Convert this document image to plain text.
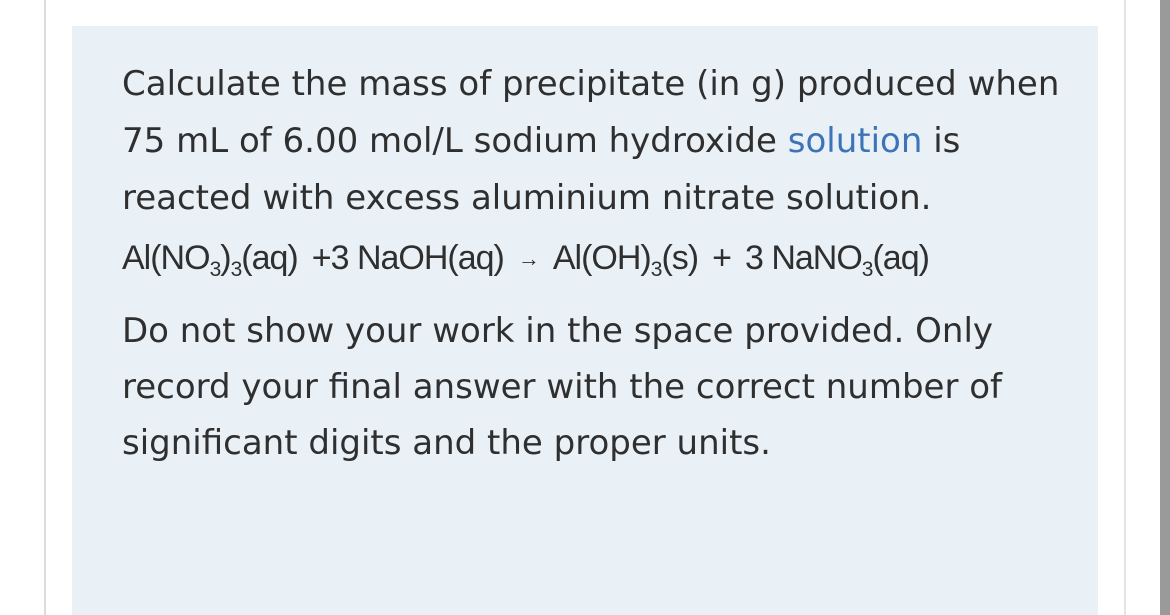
Calculate the mass of precipitate (in g) produced when 75 mL of 6.00 mol/L sodium hydroxide solution is reacted with excess aluminium nitrate solution.

$Al(NO_3)_3(aq) +3$ NaOH(aq) → $Al(OH)_3(s) + 3$ NaNO$_3$(aq)

Do not show your work in the space provided. Only record your final answer with the correct number of significant digits and the proper units.
